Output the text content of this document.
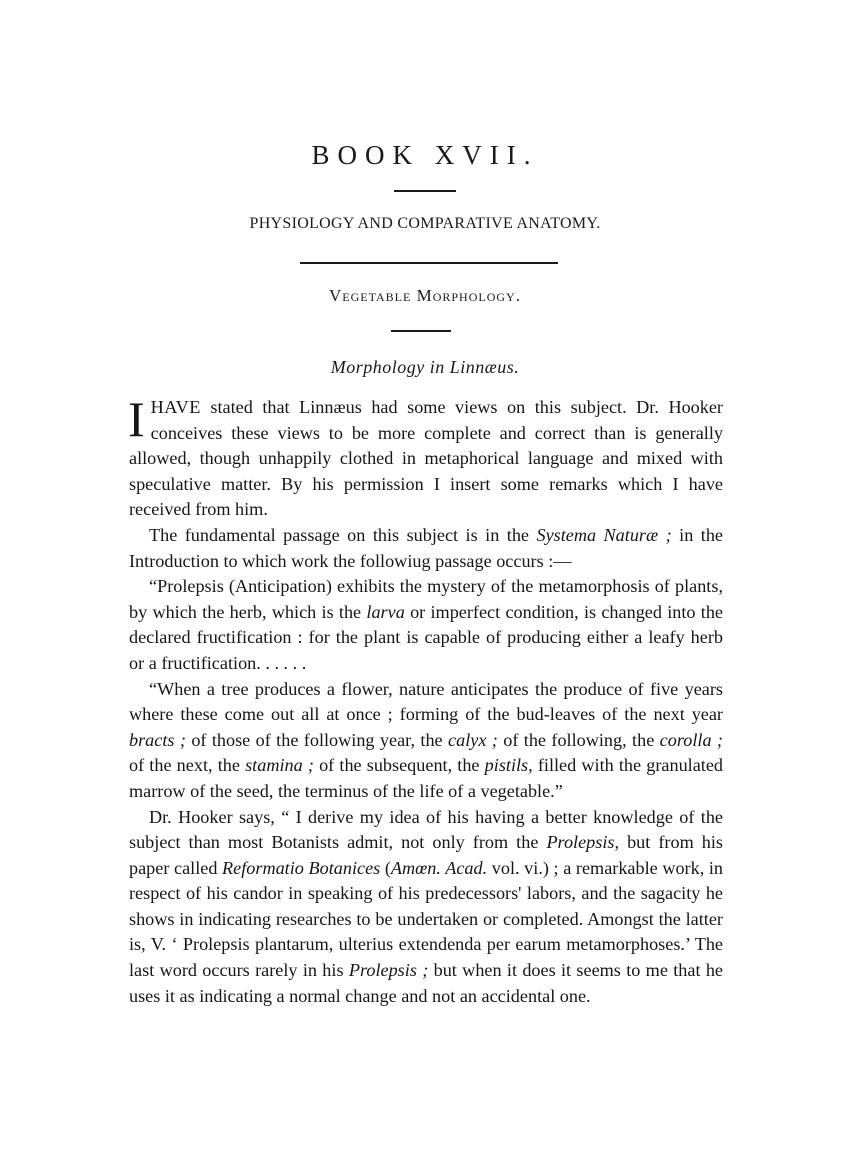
BOOK XVII.
PHYSIOLOGY AND COMPARATIVE ANATOMY.
Vegetable Morphology.
Morphology in Linnæus.

IHAVE stated that Linnæus had some views on this subject. Dr. Hooker conceives these views to be more complete and correct than is generally allowed, though unhappily clothed in metaphorical language and mixed with speculative matter. By his permission I insert some remarks which I have received from him.

The fundamental passage on this subject is in the Systema Naturæ ; in the Introduction to which work the followiug passage occurs :—

“Prolepsis (Anticipation) exhibits the mystery of the metamorphosis of plants, by which the herb, which is the larva or imperfect condition, is changed into the declared fructification : for the plant is capable of producing either a leafy herb or a fructification. . . . . .

“When a tree produces a flower, nature anticipates the produce of five years where these come out all at once ; forming of the bud-leaves of the next year bracts ; of those of the following year, the calyx ; of the following, the corolla ; of the next, the stamina ; of the subsequent, the pistils, filled with the granulated marrow of the seed, the terminus of the life of a vegetable.”

Dr. Hooker says, “ I derive my idea of his having a better knowledge of the subject than most Botanists admit, not only from the Prolepsis, but from his paper called Reformatio Botanices (Amœn. Acad. vol. vi.) ; a remarkable work, in respect of his candor in speaking of his predecessors' labors, and the sagacity he shows in indicating researches to be undertaken or completed. Amongst the latter is, V. ‘ Prolepsis plantarum, ulterius extendenda per earum metamorphoses.’ The last word occurs rarely in his Prolepsis ; but when it does it seems to me that he uses it as indicating a normal change and not an accidental one.
